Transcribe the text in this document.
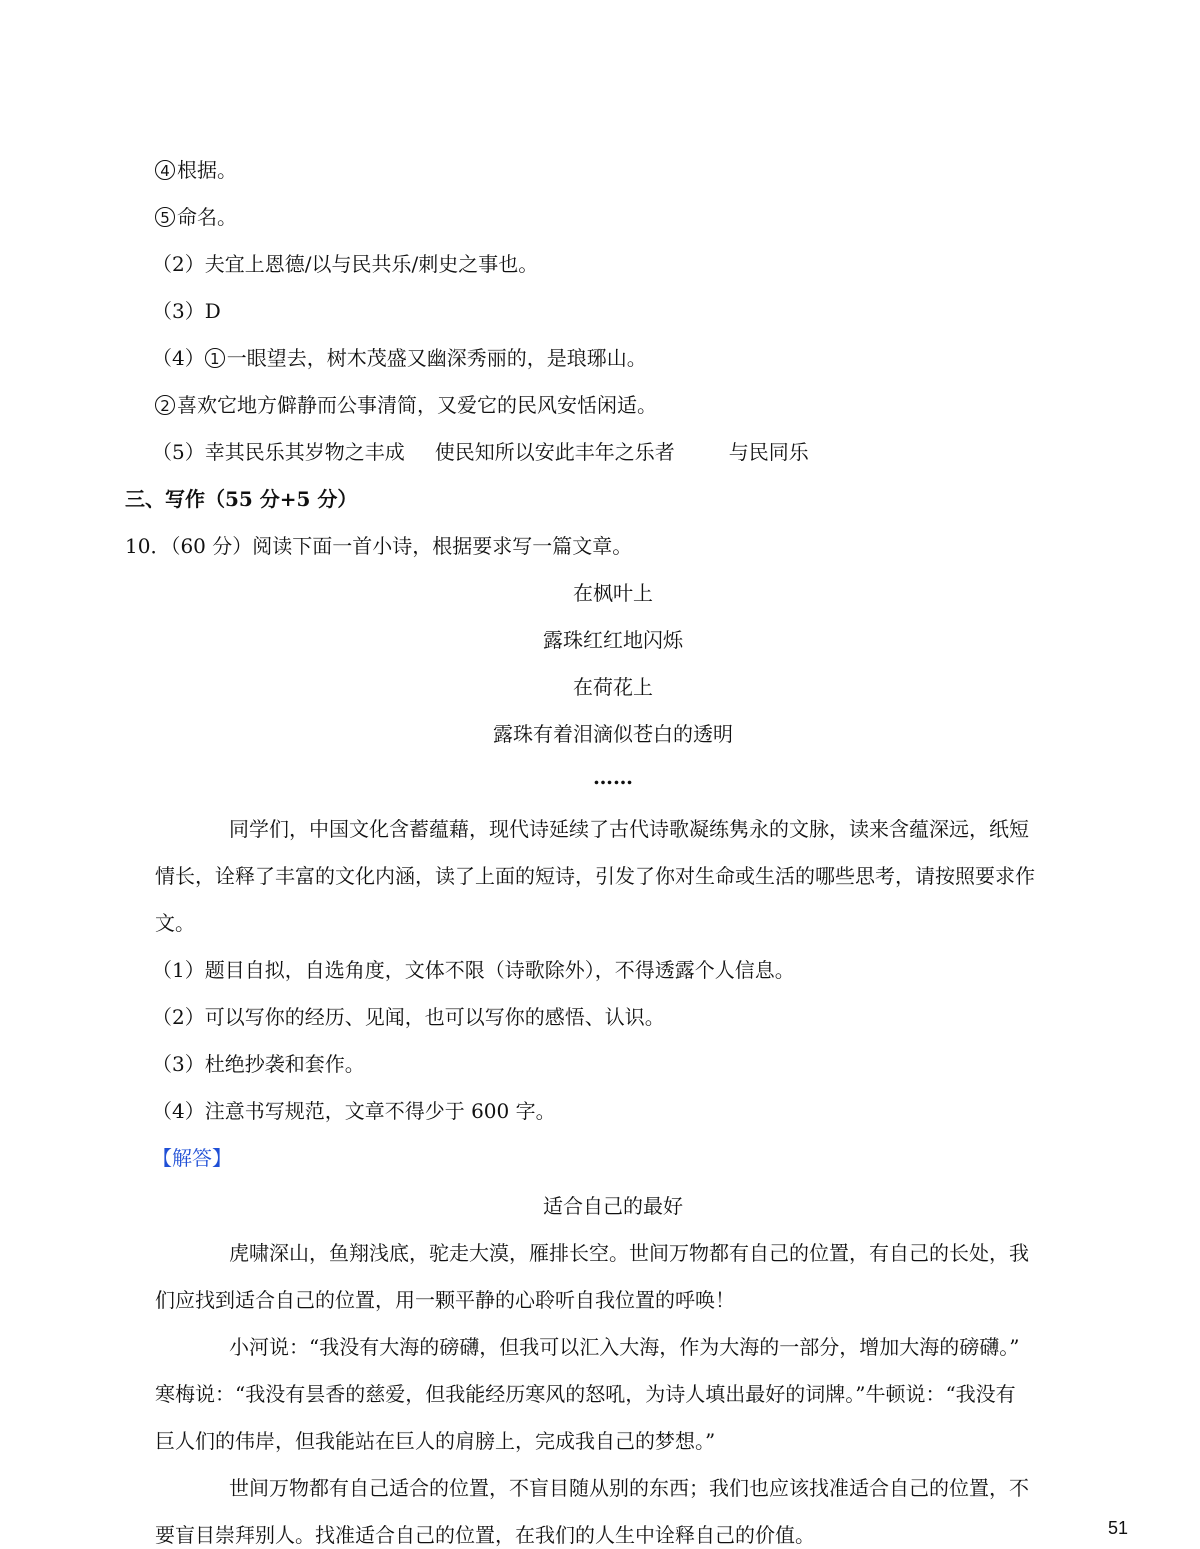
4 根据。
5 命名。
（2）夫宜上恩德/以与民共乐/刺史之事也。
（3）D
（4） 1 一眼望去，树木茂盛又幽深秀丽的，是琅琊山。
2 喜欢它地方僻静而公事清简，又爱它的民风安恬闲适。
（5）幸其民乐其岁物之丰成 使民知所以安此丰年之乐者	与民同乐
三、写作（55 分+5 分）
10．（60 分）阅读下面一首小诗，根据要求写一篇文章。
在枫叶上
露珠红红地闪烁
在荷花上
露珠有着泪滴似苍白的透明
……
同学们，中国文化含蓄蕴藉，现代诗延续了古代诗歌凝练隽永的文脉，读来含蕴深远，纸短
情长，诠释了丰富的文化内涵，读了上面的短诗，引发了你对生命或生活的哪些思考，请按照要求作
文。
（1）题目自拟，自选角度，文体不限（诗歌除外），不得透露个人信息。
（2）可以写你的经历、见闻，也可以写你的感悟、认识。
（3）杜绝抄袭和套作。
（4）注意书写规范，文章不得少于 600 字。
【解答】
适合自己的最好
虎啸深山，鱼翔浅底，驼走大漠，雁排长空。世间万物都有自己的位置，有自己的长处，我
们应找到适合自己的位置，用一颗平静的心聆听自我位置的呼唤！
小河说：“我没有大海的磅礴，但我可以汇入大海，作为大海的一部分，增加大海的磅礴。”
寒梅说：“我没有昙香的慈爱，但我能经历寒风的怒吼，为诗人填出最好的词牌。”牛顿说：“我没有
巨人们的伟岸，但我能站在巨人的肩膀上，完成我自己的梦想。”
世间万物都有自己适合的位置，不盲目随从别的东西；我们也应该找准适合自己的位置，不
要盲目崇拜别人。找准适合自己的位置，在我们的人生中诠释自己的价值。	51
